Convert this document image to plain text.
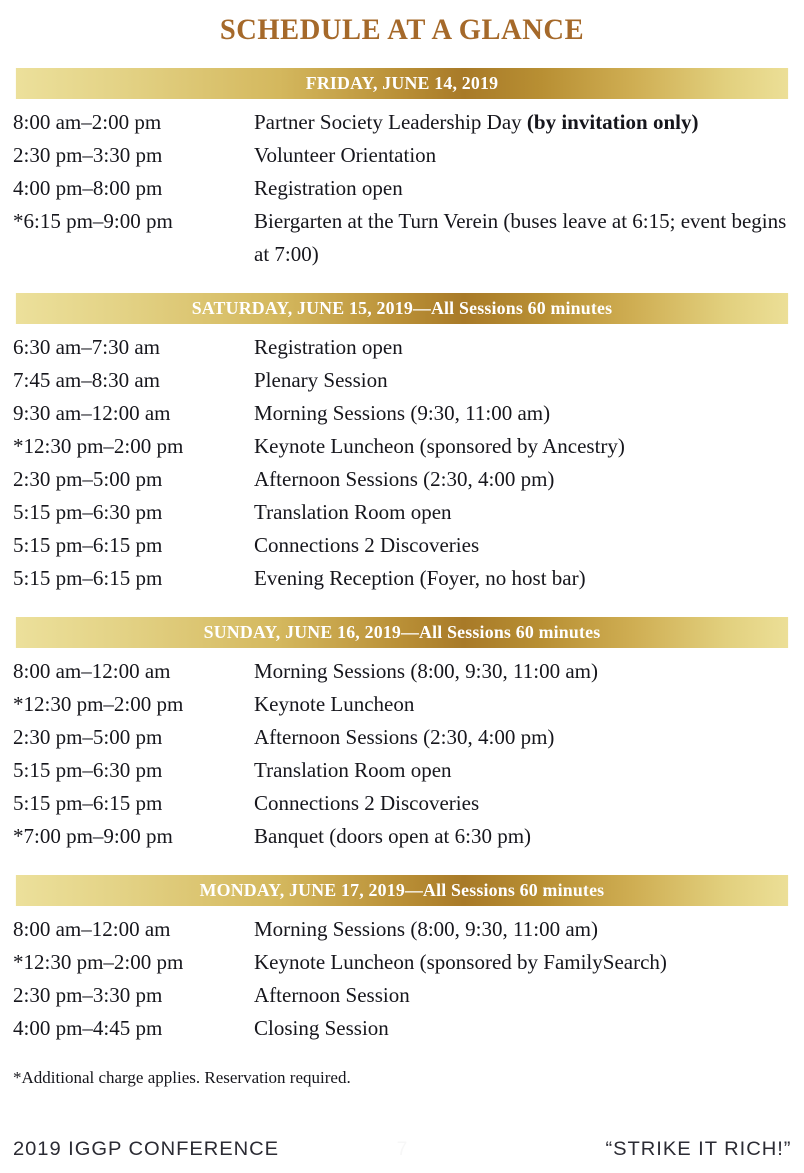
SCHEDULE AT A GLANCE
FRIDAY, JUNE 14, 2019
8:00 am–2:00 pm	Partner Society Leadership Day (by invitation only)
2:30 pm–3:30 pm	Volunteer Orientation
4:00 pm–8:00 pm	Registration open
*6:15 pm–9:00 pm	Biergarten at the Turn Verein (buses leave at 6:15; event begins at 7:00)
SATURDAY, JUNE 15, 2019—All Sessions 60 minutes
6:30 am–7:30 am	Registration open
7:45 am–8:30 am	Plenary Session
9:30 am–12:00 am	Morning Sessions (9:30, 11:00 am)
*12:30 pm–2:00 pm	Keynote Luncheon (sponsored by Ancestry)
2:30 pm–5:00 pm	Afternoon Sessions (2:30, 4:00 pm)
5:15 pm–6:30 pm	Translation Room open
5:15 pm–6:15 pm	Connections 2 Discoveries
5:15 pm–6:15 pm	Evening Reception (Foyer, no host bar)
SUNDAY, JUNE 16, 2019—All Sessions 60 minutes
8:00 am–12:00 am	Morning Sessions (8:00, 9:30, 11:00 am)
*12:30 pm–2:00 pm	Keynote Luncheon
2:30 pm–5:00 pm	Afternoon Sessions (2:30, 4:00 pm)
5:15 pm–6:30 pm	Translation Room open
5:15 pm–6:15 pm	Connections 2 Discoveries
*7:00 pm–9:00 pm	Banquet (doors open at 6:30 pm)
MONDAY, JUNE 17, 2019—All Sessions 60 minutes
8:00 am–12:00 am	Morning Sessions (8:00, 9:30, 11:00 am)
*12:30 pm–2:00 pm	Keynote Luncheon (sponsored by FamilySearch)
2:30 pm–3:30 pm	Afternoon Session
4:00 pm–4:45 pm	Closing Session
*Additional charge applies. Reservation required.
2019 IGGP CONFERENCE	7	“STRIKE IT RICH!”
